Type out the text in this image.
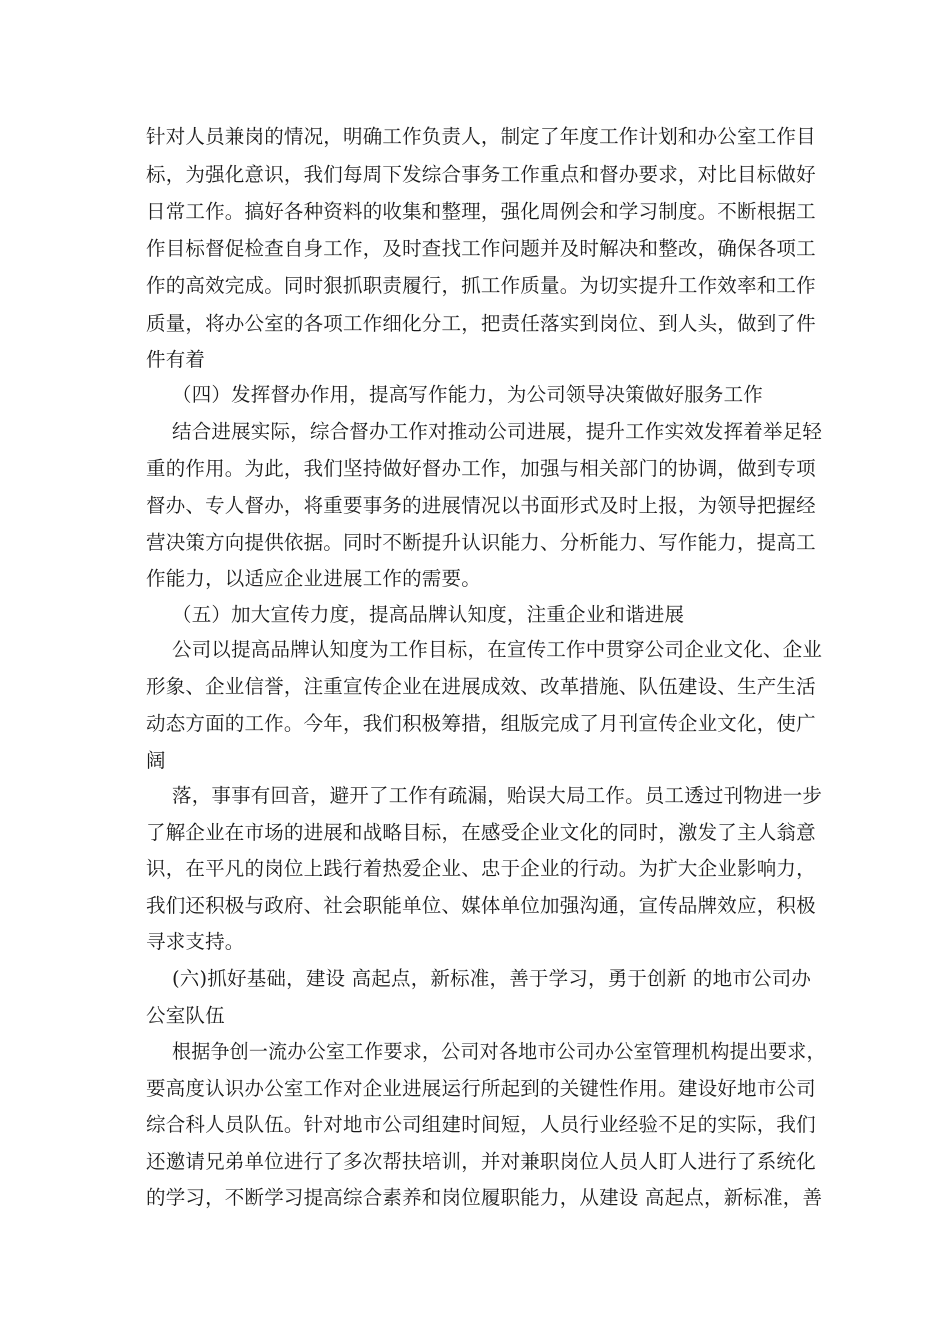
针对人员兼岗的情况，明确工作负责人，制定了年度工作计划和办公室工作目
标，为强化意识，我们每周下发综合事务工作重点和督办要求，对比目标做好
日常工作。搞好各种资料的收集和整理，强化周例会和学习制度。不断根据工
作目标督促检查自身工作，及时查找工作问题并及时解决和整改，确保各项工
作的高效完成。同时狠抓职责履行，抓工作质量。为切实提升工作效率和工作
质量，将办公室的各项工作细化分工，把责任落实到岗位、到人头，做到了件
件有着
（四）发挥督办作用，提高写作能力，为公司领导决策做好服务工作
结合进展实际，综合督办工作对推动公司进展，提升工作实效发挥着举足轻
重的作用。为此，我们坚持做好督办工作，加强与相关部门的协调，做到专项
督办、专人督办，将重要事务的进展情况以书面形式及时上报，为领导把握经
营决策方向提供依据。同时不断提升认识能力、分析能力、写作能力，提高工
作能力，以适应企业进展工作的需要。
（五）加大宣传力度，提高品牌认知度，注重企业和谐进展
公司以提高品牌认知度为工作目标，在宣传工作中贯穿公司企业文化、企业
形象、企业信誉，注重宣传企业在进展成效、改革措施、队伍建设、生产生活
动态方面的工作。今年，我们积极筹措，组版完成了月刊宣传企业文化，使广
阔
落，事事有回音，避开了工作有疏漏，贻误大局工作。员工透过刊物进一步
了解企业在市场的进展和战略目标，在感受企业文化的同时，激发了主人翁意
识，在平凡的岗位上践行着热爱企业、忠于企业的行动。为扩大企业影响力，
我们还积极与政府、社会职能单位、媒体单位加强沟通，宣传品牌效应，积极
寻求支持。
(六)抓好基础，建设 高起点，新标准，善于学习，勇于创新 的地市公司办
公室队伍
根据争创一流办公室工作要求，公司对各地市公司办公室管理机构提出要求，
要高度认识办公室工作对企业进展运行所起到的关键性作用。建设好地市公司
综合科人员队伍。针对地市公司组建时间短，人员行业经验不足的实际，我们
还邀请兄弟单位进行了多次帮扶培训，并对兼职岗位人员人盯人进行了系统化
的学习，不断学习提高综合素养和岗位履职能力，从建设 高起点，新标准，善
